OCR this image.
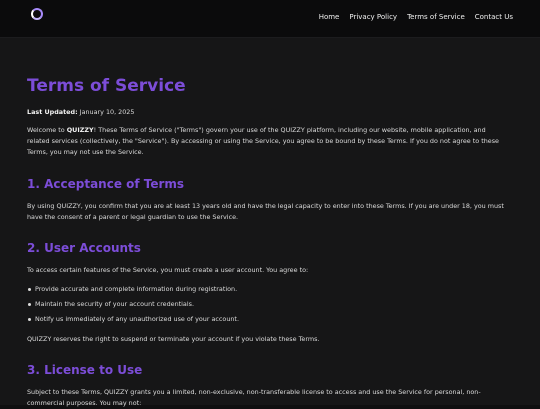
Home Privacy Policy Terms of Service Contact Us
Terms of Service

Last Updated: January 10, 2025

Welcome to QUIZZY! These Terms of Service ("Terms") govern your use of the QUIZZY platform, including our website, mobile application, and related services (collectively, the "Service"). By accessing or using the Service, you agree to be bound by these Terms. If you do not agree to these Terms, you may not use the Service.

1. Acceptance of Terms

By using QUIZZY, you confirm that you are at least 13 years old and have the legal capacity to enter into these Terms. If you are under 18, you must have the consent of a parent or legal guardian to use the Service.

2. User Accounts

To access certain features of the Service, you must create a user account. You agree to:

Provide accurate and complete information during registration.
Maintain the security of your account credentials.
Notify us immediately of any unauthorized use of your account.

QUIZZY reserves the right to suspend or terminate your account if you violate these Terms.

3. License to Use

Subject to these Terms, QUIZZY grants you a limited, non-exclusive, non-transferable license to access and use the Service for personal, non-commercial purposes. You may not:
